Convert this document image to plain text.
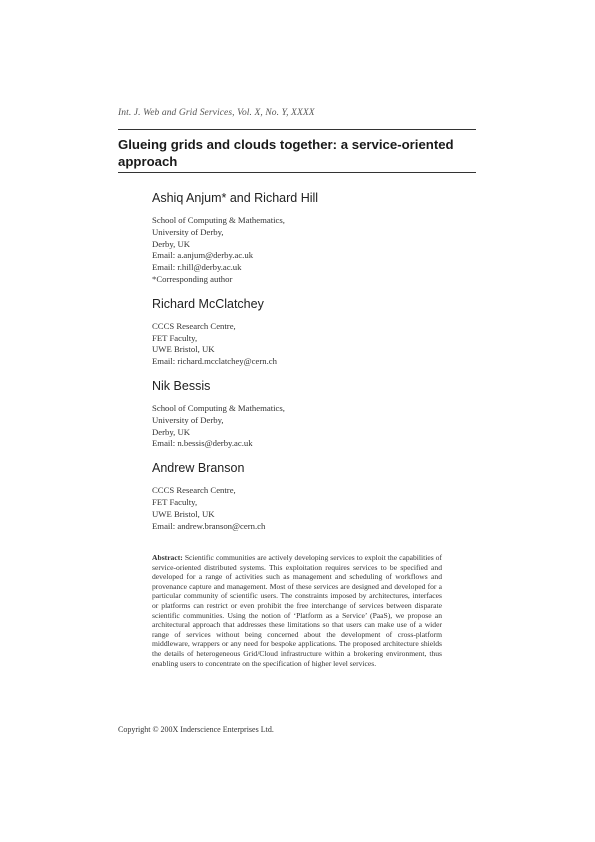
Int. J. Web and Grid Services, Vol. X, No. Y, XXXX
Glueing grids and clouds together: a service-oriented approach

Ashiq Anjum* and Richard Hill

School of Computing & Mathematics,

University of Derby,

Derby, UK

Email: a.anjum@derby.ac.uk

Email: r.hill@derby.ac.uk

*Corresponding author

Richard McClatchey

CCCS Research Centre,

FET Faculty,

UWE Bristol, UK

Email: richard.mcclatchey@cern.ch

Nik Bessis

School of Computing & Mathematics,

University of Derby,

Derby, UK

Email: n.bessis@derby.ac.uk

Andrew Branson

CCCS Research Centre,

FET Faculty,

UWE Bristol, UK

Email: andrew.branson@cern.ch

Abstract: Scientific communities are actively developing services to exploit the capabilities of service-oriented distributed systems. This exploitation requires services to be specified and developed for a range of activities such as management and scheduling of workflows and provenance capture and management. Most of these services are designed and developed for a particular community of scientific users. The constraints imposed by architectures, interfaces or platforms can restrict or even prohibit the free interchange of services between disparate scientific communities. Using the notion of ‘Platform as a Service’ (PaaS), we propose an architectural approach that addresses these limitations so that users can make use of a wider range of services without being concerned about the development of cross-platform middleware, wrappers or any need for bespoke applications. The proposed architecture shields the details of heterogeneous Grid/Cloud infrastructure within a brokering environment, thus enabling users to concentrate on the specification of higher level services.

Copyright © 200X Inderscience Enterprises Ltd.
